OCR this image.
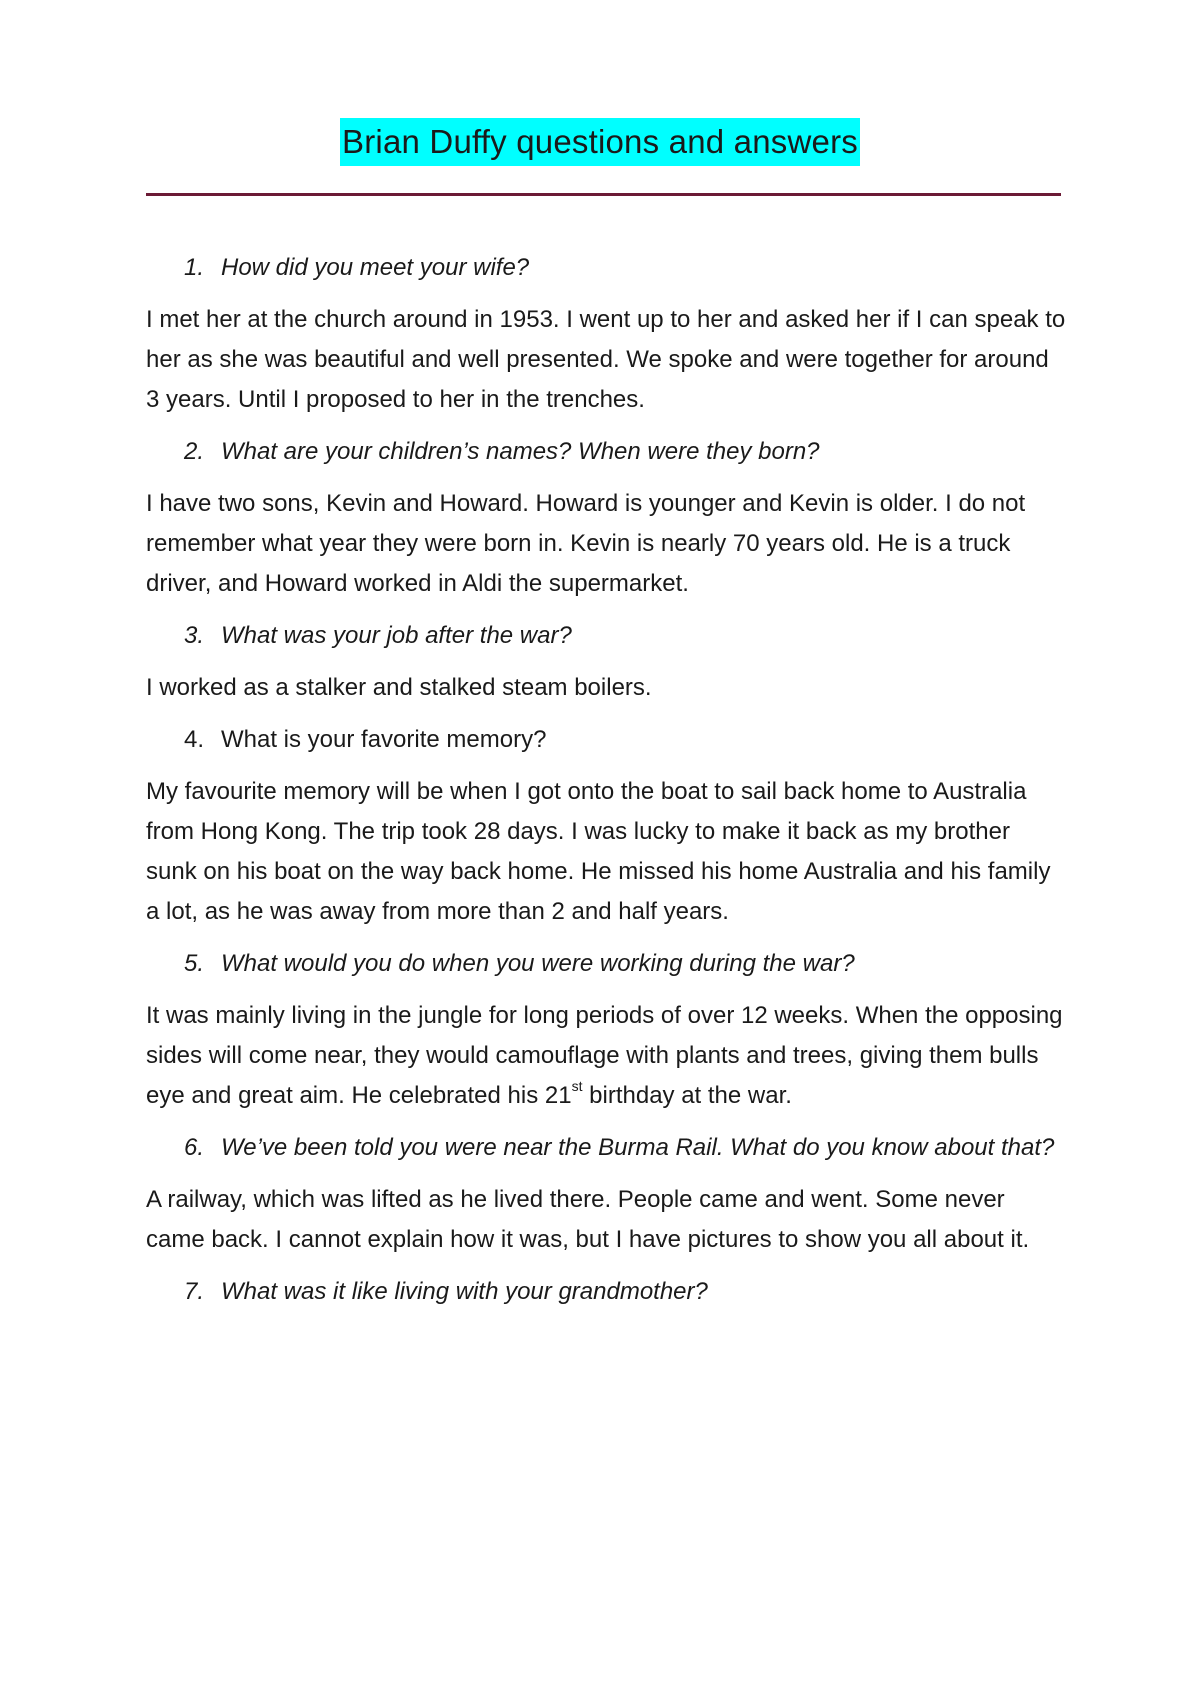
Brian Duffy questions and answers
1. How did you meet your wife?
I met her at the church around in 1953. I went up to her and asked her if I can speak to her as she was beautiful and well presented. We spoke and were together for around 3 years. Until I proposed to her in the trenches.
2. What are your children’s names? When were they born?
I have two sons, Kevin and Howard. Howard is younger and Kevin is older. I do not remember what year they were born in. Kevin is nearly 70 years old. He is a truck driver, and Howard worked in Aldi the supermarket.
3. What was your job after the war?
I worked as a stalker and stalked steam boilers.
4. What is your favorite memory?
My favourite memory will be when I got onto the boat to sail back home to Australia from Hong Kong. The trip took 28 days. I was lucky to make it back as my brother sunk on his boat on the way back home. He missed his home Australia and his family a lot, as he was away from more than 2 and half years.
5. What would you do when you were working during the war?
It was mainly living in the jungle for long periods of over 12 weeks. When the opposing sides will come near, they would camouflage with plants and trees, giving them bulls eye and great aim. He celebrated his 21st birthday at the war.
6. We’ve been told you were near the Burma Rail. What do you know about that?
A railway, which was lifted as he lived there. People came and went. Some never came back. I cannot explain how it was, but I have pictures to show you all about it.
7. What was it like living with your grandmother?
